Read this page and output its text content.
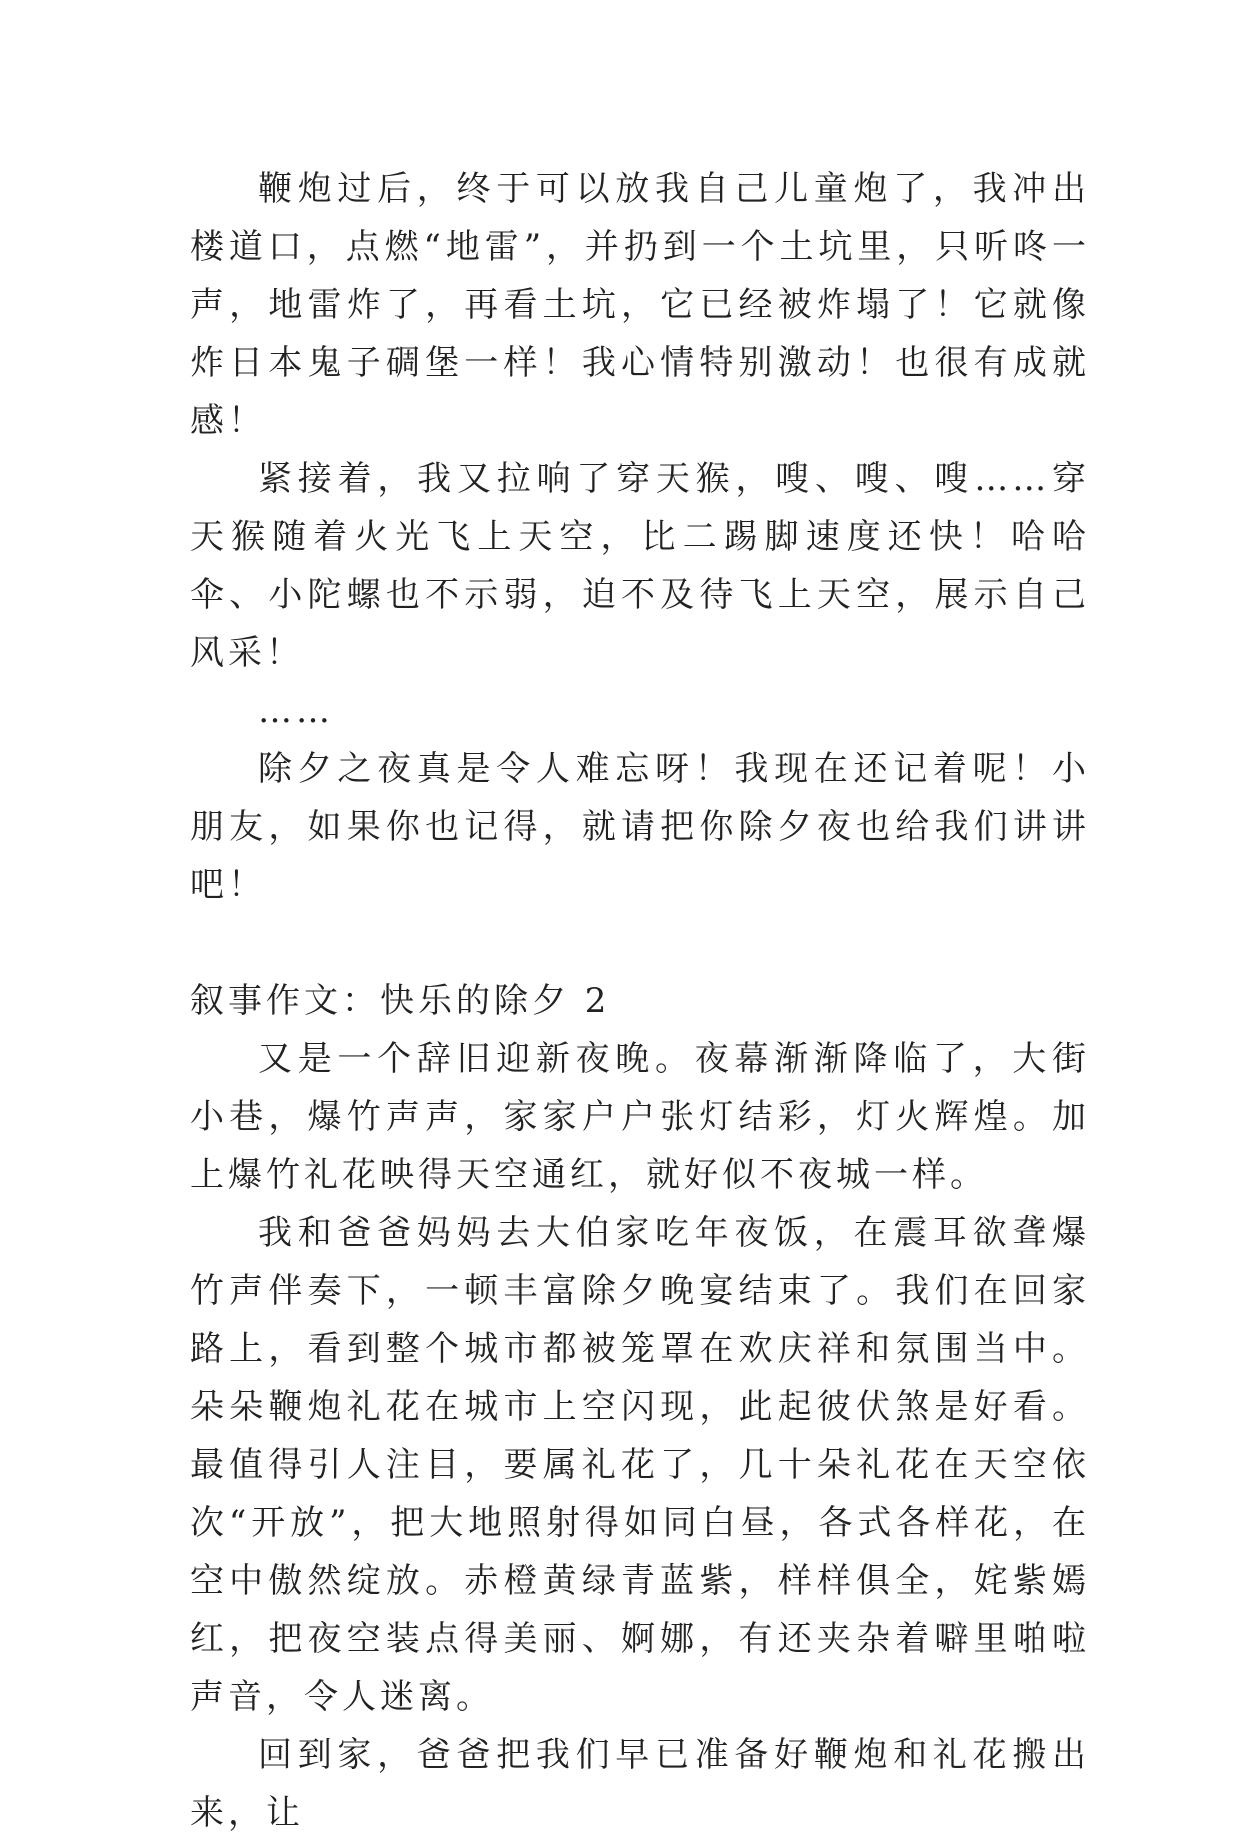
鞭炮过后，终于可以放我自己儿童炮了，我冲出楼道口，点燃“地雷”，并扔到一个土坑里，只听咚一声，地雷炸了，再看土坑，它已经被炸塌了！它就像炸日本鬼子碉堡一样！我心情特别激动！也很有成就感！

紧接着，我又拉响了穿天猴，嗖、嗖、嗖……穿天猴随着火光飞上天空，比二踢脚速度还快！哈哈伞、小陀螺也不示弱，迫不及待飞上天空，展示自己风采！

……

除夕之夜真是令人难忘呀！我现在还记着呢！小朋友，如果你也记得，就请把你除夕夜也给我们讲讲吧！

叙事作文：快乐的除夕 2

又是一个辞旧迎新夜晚。夜幕渐渐降临了，大街小巷，爆竹声声，家家户户张灯结彩，灯火辉煌。加上爆竹礼花映得天空通红，就好似不夜城一样。

我和爸爸妈妈去大伯家吃年夜饭，在震耳欲聋爆竹声伴奏下，一顿丰富除夕晚宴结束了。我们在回家路上，看到整个城市都被笼罩在欢庆祥和氛围当中。朵朵鞭炮礼花在城市上空闪现，此起彼伏煞是好看。最值得引人注目，要属礼花了，几十朵礼花在天空依次“开放”，把大地照射得如同白昼，各式各样花，在空中傲然绽放。赤橙黄绿青蓝紫，样样俱全，姹紫嫣红，把夜空装点得美丽、婀娜，有还夹杂着噼里啪啦声音，令人迷离。

回到家，爸爸把我们早已准备好鞭炮和礼花搬出来，让
